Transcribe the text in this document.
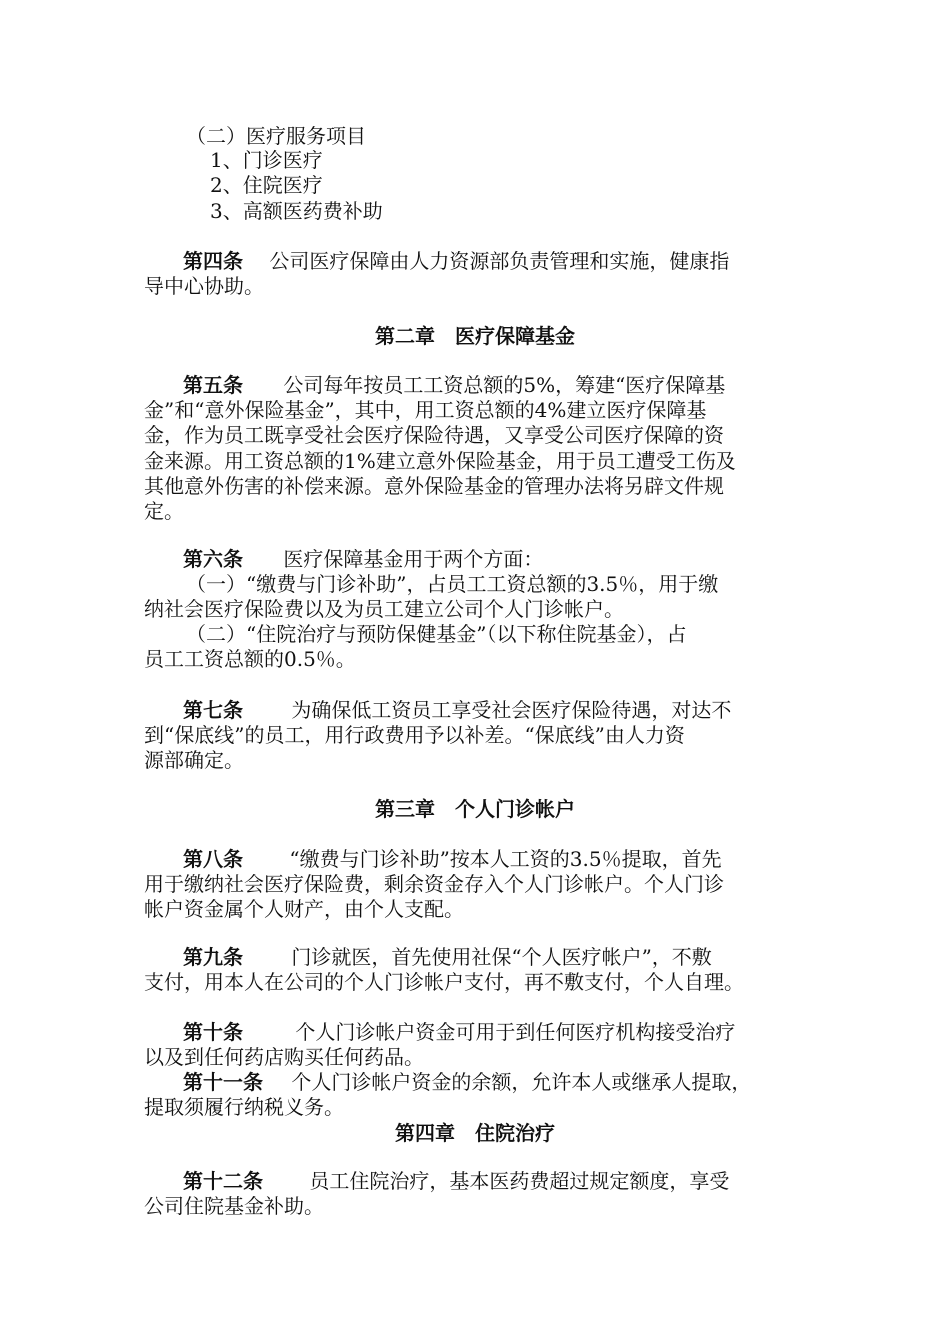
（二）医疗服务项目
1、门诊医疗
2、住院医疗
3、高额医药费补助
第四条 公司医疗保障由人力资源部负责管理和实施，健康指
导中心协助。
第二章　医疗保障基金
第五条 公司每年按员工工资总额的5%，筹建“医疗保障基
金”和“意外保险基金”，其中，用工资总额的4%建立医疗保障基
金，作为员工既享受社会医疗保险待遇，又享受公司医疗保障的资
金来源。用工资总额的1%建立意外保险基金，用于员工遭受工伤及
其他意外伤害的补偿来源。意外保险基金的管理办法将另辟文件规
定。
第六条 医疗保障基金用于两个方面：
（一）“缴费与门诊补助”，占员工工资总额的3.5％，用于缴
纳社会医疗保险费以及为员工建立公司个人门诊帐户。
（二）“住院治疗与预防保健基金”（以下称住院基金），占
员工工资总额的0.5％。
第七条 为确保低工资员工享受社会医疗保险待遇，对达不
到“保底线”的员工，用行政费用予以补差。“保底线”由人力资
源部确定。
第三章　个人门诊帐户
第八条 “缴费与门诊补助”按本人工资的3.5％提取，首先
用于缴纳社会医疗保险费，剩余资金存入个人门诊帐户。个人门诊
帐户资金属个人财产，由个人支配。
第九条 门诊就医，首先使用社保“个人医疗帐户”，不敷
支付，用本人在公司的个人门诊帐户支付，再不敷支付，个人自理。
第十条	个人门诊帐户资金可用于到任何医疗机构接受治疗
以及到任何药店购买任何药品。
第十一条 个人门诊帐户资金的余额，允许本人或继承人提取，
提取须履行纳税义务。
第四章　住院治疗
第十二条 员工住院治疗，基本医药费超过规定额度，享受
公司住院基金补助。
